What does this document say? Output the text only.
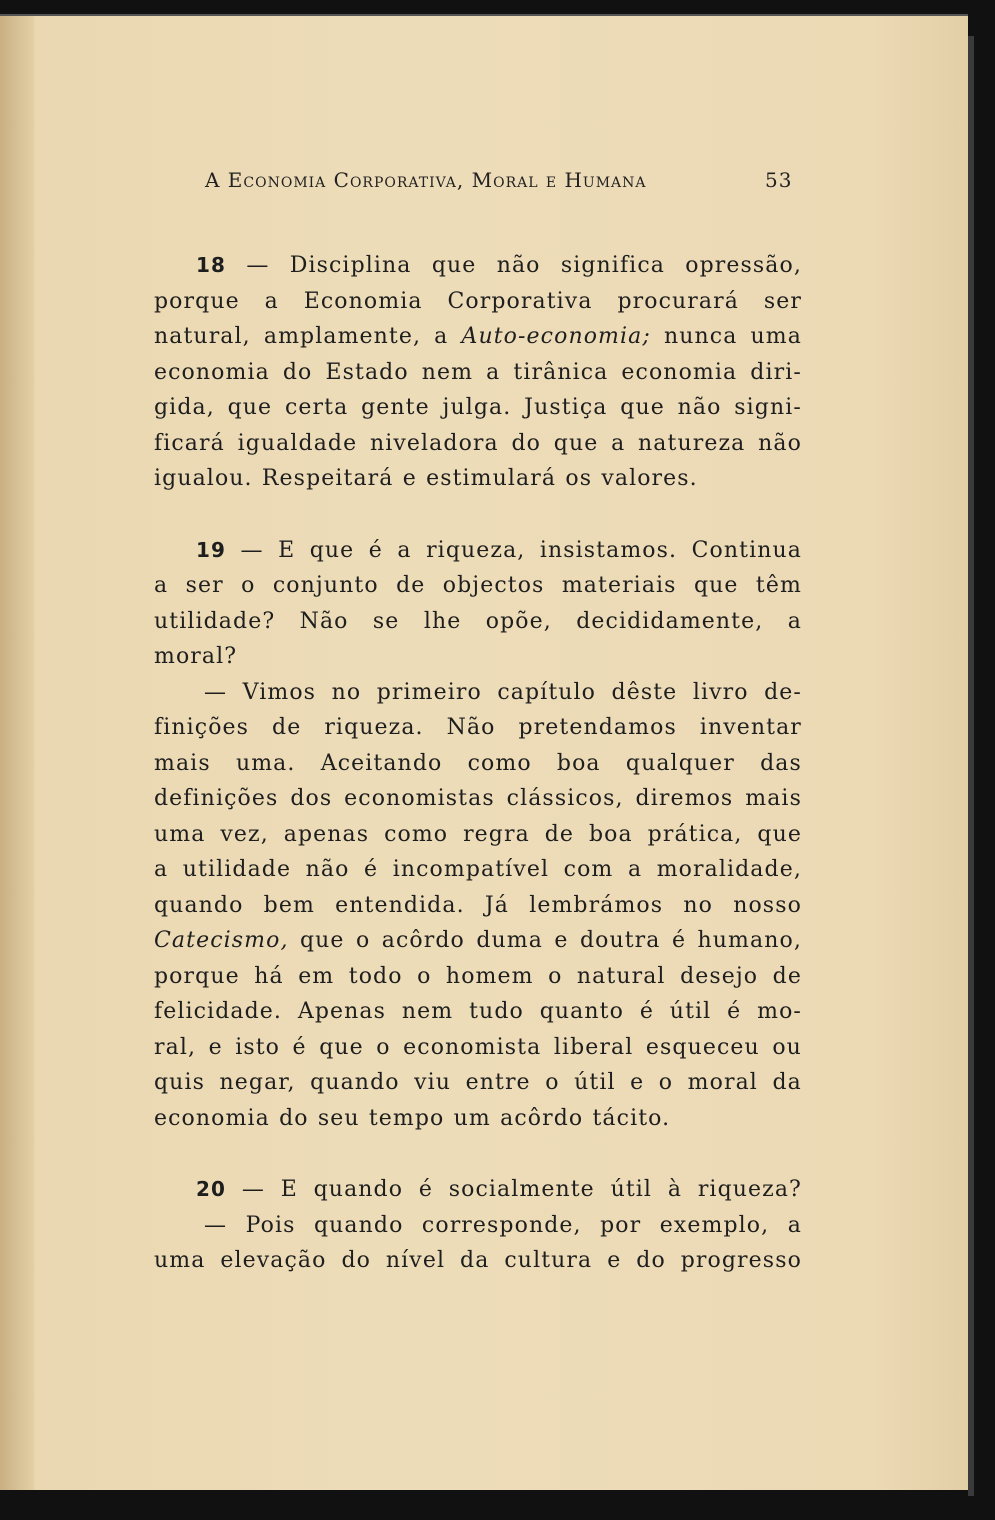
A Economia Corporativa, Moral e Humana	53
18 — Disciplina que não significa opressão,
porque a Economia Corporativa procurará ser
natural, amplamente, a Auto-economia; nunca uma
economia do Estado nem a tirânica economia diri-
gida, que certa gente julga. Justiça que não signi-
ficará igualdade niveladora do que a natureza não
igualou. Respeitará e estimulará os valores.
19 — E que é a riqueza, insistamos. Continua
a ser o conjunto de objectos materiais que têm
utilidade? Não se lhe opõe, decididamente, a
moral?
— Vimos no primeiro capítulo dêste livro de-
finições de riqueza. Não pretendamos inventar
mais uma. Aceitando como boa qualquer das
definições dos economistas clássicos, diremos mais
uma vez, apenas como regra de boa prática, que
a utilidade não é incompatível com a moralidade,
quando bem entendida. Já lembrámos no nosso
Catecismo, que o acôrdo duma e doutra é humano,
porque há em todo o homem o natural desejo de
felicidade. Apenas nem tudo quanto é útil é mo-
ral, e isto é que o economista liberal esqueceu ou
quis negar, quando viu entre o útil e o moral da
economia do seu tempo um acôrdo tácito.
20 — E quando é socialmente útil à riqueza?
— Pois quando corresponde, por exemplo, a
uma elevação do nível da cultura e do progresso
